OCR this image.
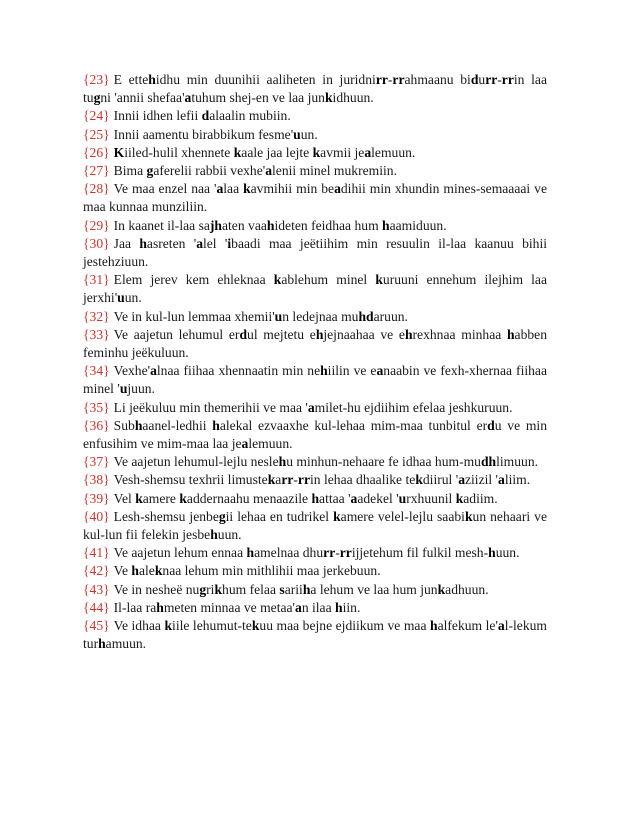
{23} E ettehidhu min duunihii aaliheten in juridnirr-rrahmaanu bidurr-rrin laa tugni 'annii shefaa'atuhum shej-en ve laa junkidhuun.

{24} Innii idhen lefii dalaalin mubiin.

{25} Innii aamentu birabbikum fesme'uun.

{26} Kiiled-hulil xhennete kaale jaa lejte kavmii jealemuun.

{27} Bima gaferelii rabbii vexhe'alenii minel mukremiin.

{28} Ve maa enzel naa 'alaa kavmihii min beadihii min xhundin mines-semaaaai ve maa kunnaa munziliin.

{29} In kaanet il-laa sajhaten vaahideten feidhaa hum haamiduun.

{30} Jaa hasreten 'alel 'ibaadi maa jeëtiihim min resuulin il-laa kaanuu bihii jestehziuun.

{31} Elem jerev kem ehleknaa kablehum minel kuruuni ennehum ilejhim laa jerxhi'uun.

{32} Ve in kul-lun lemmaa xhemii'un ledejnaa muhdaruun.

{33} Ve aajetun lehumul erdul mejtetu ehjejnaahaa ve ehrexhnaa minhaa habben feminhu jeëkuluun.

{34} Vexhe'alnaa fiihaa xhennaatin min nehiilin ve eanaabin ve fexh-xhernaa fiihaa minel 'ujuun.

{35} Li jeëkuluu min themerihii ve maa 'amilet-hu ejdiihim efelaa jeshkuruun.

{36} Subhaanel-ledhii halekal ezvaaxhe kul-lehaa mim-maa tunbitul erdu ve min enfusihim ve mim-maa laa jealemuun.

{37} Ve aajetun lehumul-lejlu neslehu minhun-nehaare fe idhaa hum-mudhlimuun.

{38} Vesh-shemsu texhrii limustekarr-rrin lehaa dhaalike tekdiirul 'aziizil 'aliim.

{39} Vel kamere kaddernaahu menaazile hattaa 'aadekel 'urxhuunil kadiim.

{40} Lesh-shemsu jenbegii lehaa en tudrikel kamere velel-lejlu saabikun nehaari ve kul-lun fii felekin jesbehuun.

{41} Ve aajetun lehum ennaa hamelnaa dhurr-rrijjetehum fil fulkil mesh-huun.

{42} Ve haleknaa lehum min mithlihii maa jerkebuun.

{43} Ve in nesheë nugrikhum felaa sariiha lehum ve laa hum junkadhuun.

{44} Il-laa rahmeten minnaa ve metaa'an ilaa hiin.

{45} Ve idhaa kiile lehumut-tekuu maa bejne ejdiikum ve maa halfekum le'al-lekum turhamuun.
